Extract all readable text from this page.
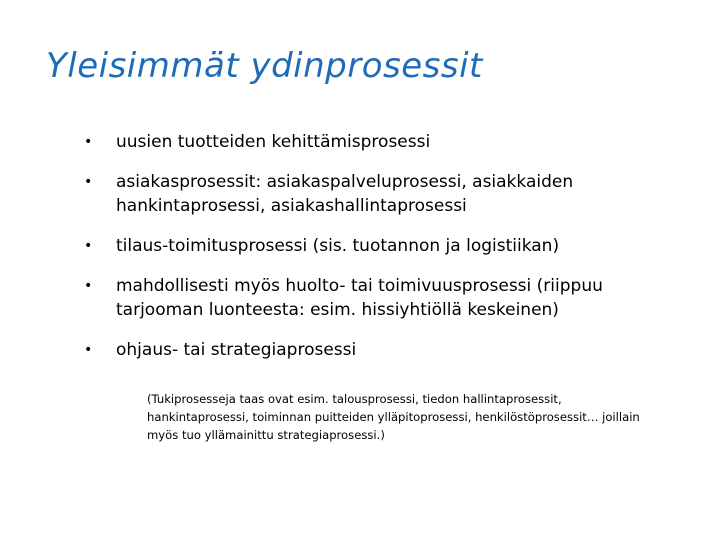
Yleisimmät ydinprosessit
• uusien tuotteiden kehittämisprosessi
• asiakasprosessit: asiakaspalveluprosessi, asiakkaiden
hankintaprosessi, asiakashallintaprosessi
• tilaus-toimitusprosessi (sis. tuotannon ja logistiikan)
• mahdollisesti myös huolto- tai toimivuusprosessi (riippuu
tarjooman luonteesta: esim. hissiyhtiöllä keskeinen)
• ohjaus- tai strategiaprosessi
(Tukiprosesseja taas ovat esim. talousprosessi, tiedon hallintaprosessit,
hankintaprosessi, toiminnan puitteiden ylläpitoprosessi, henkilöstöprosessit… joillain
myös tuo yllämainittu strategiaprosessi.)
